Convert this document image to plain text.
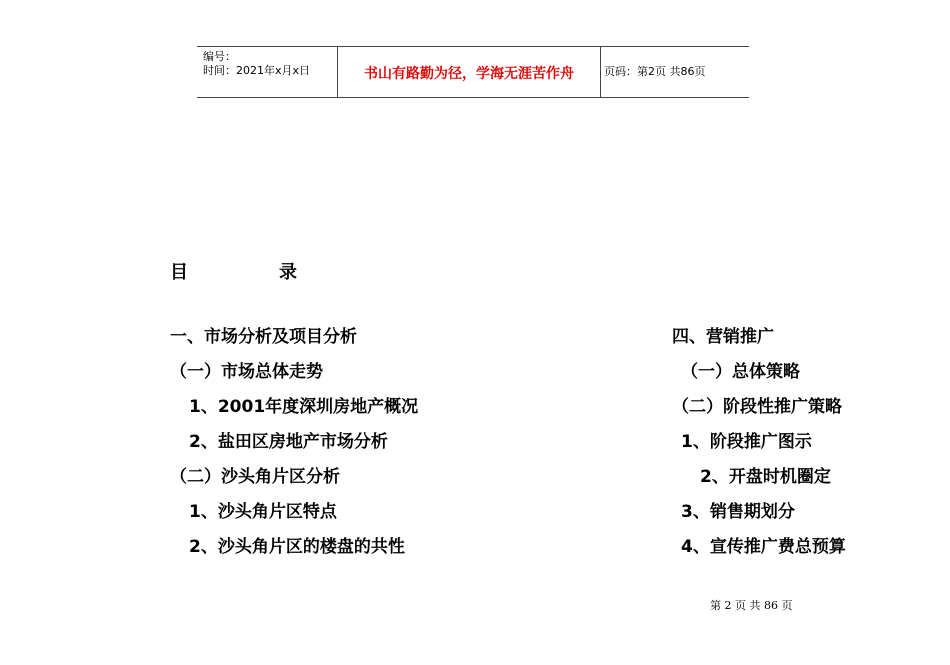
编号：
时间：2021年x月x日	书山有路勤为径，学海无涯苦作舟	页码：第2页 共86页
目	录
一、市场分析及项目分析
（一）市场总体走势
1、2001年度深圳房地产概况
2、盐田区房地产市场分析
（二）沙头角片区分析
1、沙头角片区特点
2、沙头角片区的楼盘的共性
四、营销推广
（一）总体策略
（二）阶段性推广策略
1、阶段推广图示
2、开盘时机圈定
3、销售期划分
4、宣传推广费总预算
第 2 页 共 86 页
